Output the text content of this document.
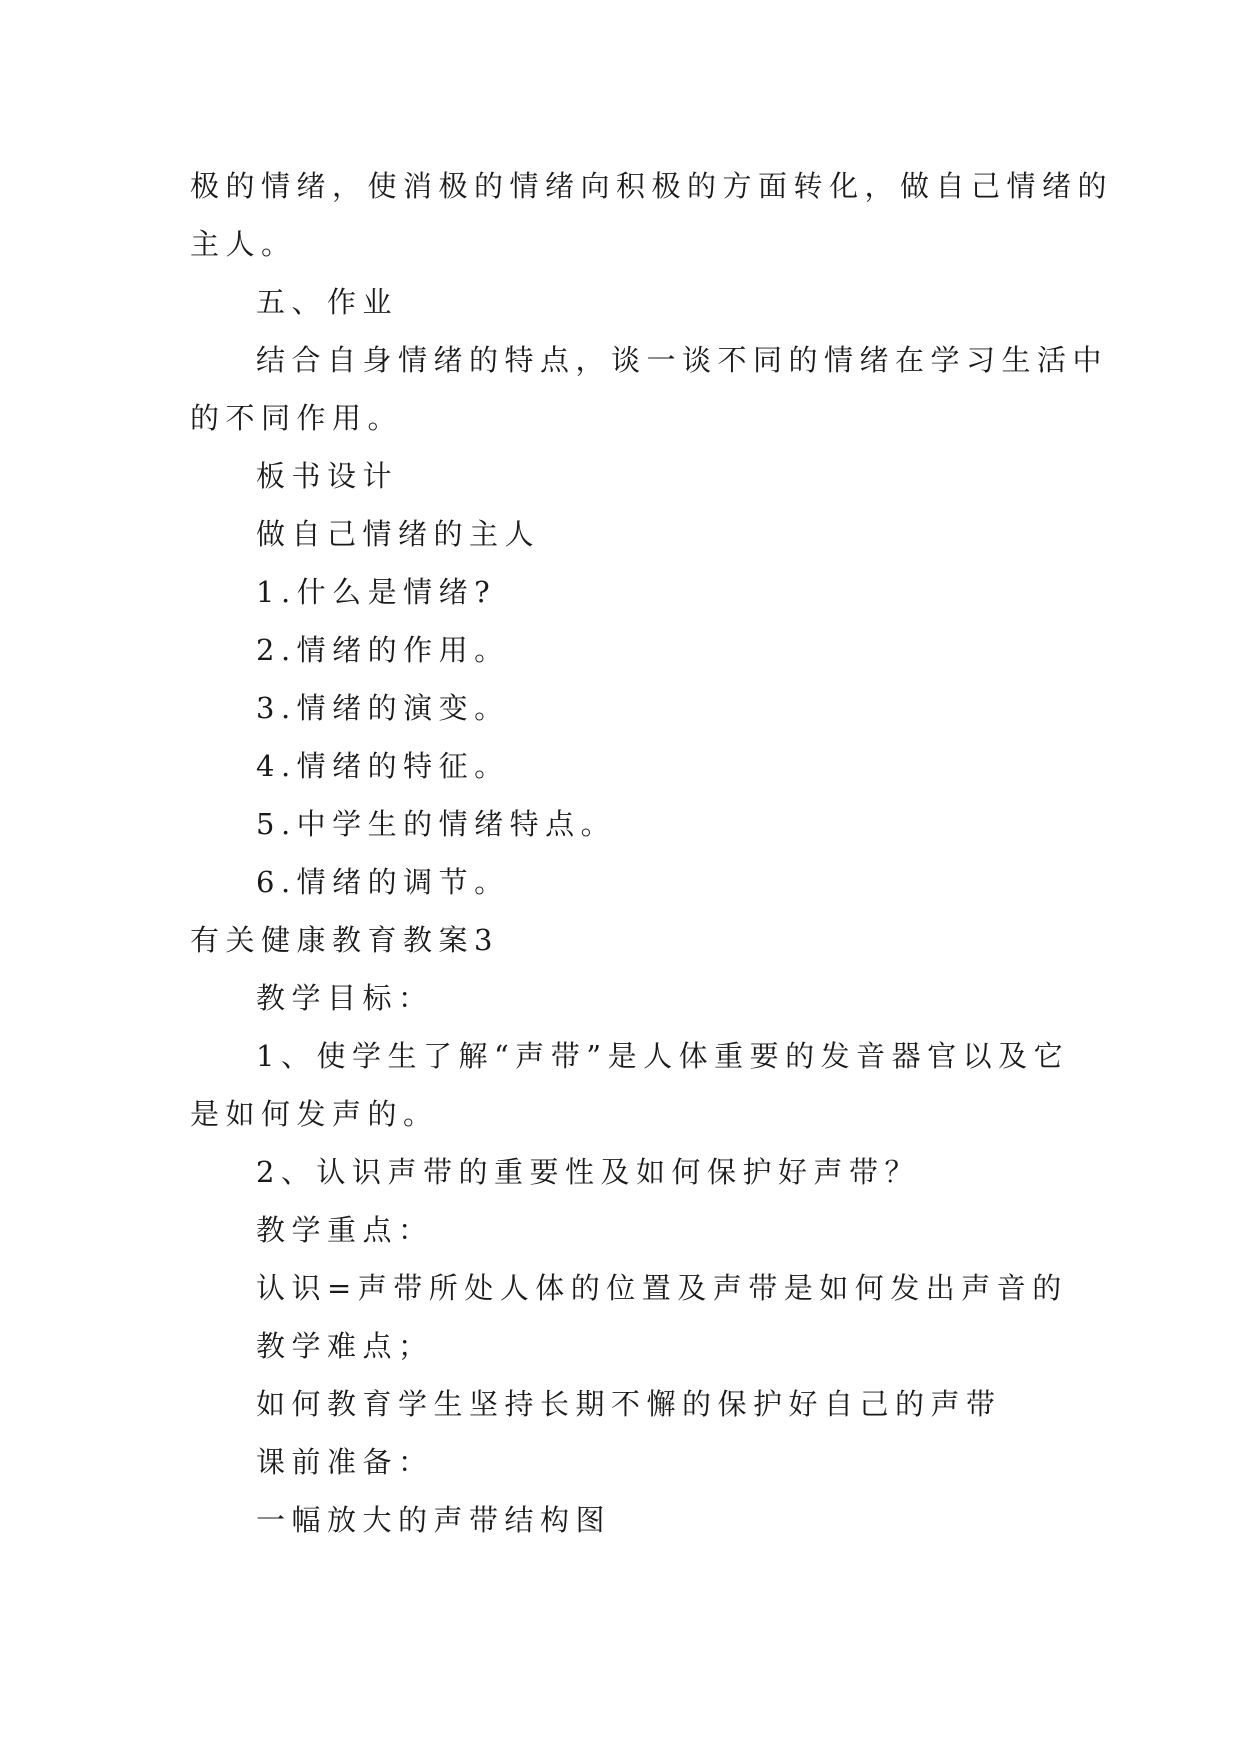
极的情绪，使消极的情绪向积极的方面转化，做自己情绪的
主人。
五、作业
结合自身情绪的特点，谈一谈不同的情绪在学习生活中
的不同作用。
板书设计
做自己情绪的主人
1.什么是情绪?
2.情绪的作用。
3.情绪的演变。
4.情绪的特征。
5.中学生的情绪特点。
6.情绪的调节。
有关健康教育教案3
教学目标：
1、使学生了解“声带”是人体重要的发音器官以及它
是如何发声的。
2、认识声带的重要性及如何保护好声带？
教学重点：
认识=声带所处人体的位置及声带是如何发出声音的
教学难点；
如何教育学生坚持长期不懈的保护好自己的声带
课前准备：
一幅放大的声带结构图
